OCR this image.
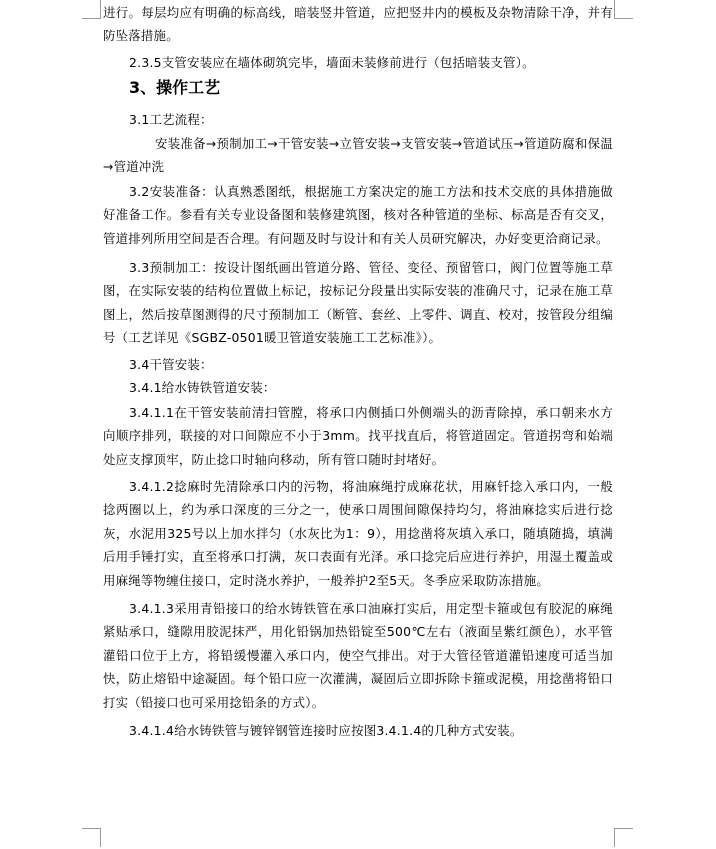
进行。每层均应有明确的标高线，暗装竖井管道，应把竖井内的模板及杂物清除干净，并有防坠落措施。

2.3.5支管安装应在墙体砌筑完毕，墙面未装修前进行（包括暗装支管）。

3、操作工艺

3.1工艺流程：

安装准备→预制加工→干管安装→立管安装→支管安装→管道试压→管道防腐和保温→管道冲洗

3.2安装准备：认真熟悉图纸，根据施工方案决定的施工方法和技术交底的具体措施做好准备工作。参看有关专业设备图和装修建筑图，核对各种管道的坐标、标高是否有交叉，管道排列所用空间是否合理。有问题及时与设计和有关人员研究解决，办好变更洽商记录。

3.3预制加工：按设计图纸画出管道分路、管径、变径、预留管口，阀门位置等施工草图，在实际安装的结构位置做上标记，按标记分段量出实际安装的准确尺寸，记录在施工草图上，然后按草图测得的尺寸预制加工（断管、套丝、上零件、调直、校对，按管段分组编号（工艺详见《SGBZ-0501暖卫管道安装施工工艺标准》）。

3.4干管安装：

3.4.1给水铸铁管道安装：

3.4.1.1在干管安装前清扫管膛，将承口内侧插口外侧端头的沥青除掉，承口朝来水方向顺序排列，联接的对口间隙应不小于3mm。找平找直后，将管道固定。管道拐弯和始端处应支撑顶牢，防止捻口时轴向移动，所有管口随时封堵好。

3.4.1.2捻麻时先清除承口内的污物，将油麻绳拧成麻花状，用麻钎捻入承口内，一般捻两圈以上，约为承口深度的三分之一，使承口周围间隙保持均匀，将油麻捻实后进行捻灰，水泥用325号以上加水拌匀（水灰比为1：9），用捻凿将灰填入承口，随填随捣，填满后用手锤打实，直至将承口打满，灰口表面有光泽。承口捻完后应进行养护，用湿土覆盖或用麻绳等物缠住接口，定时浇水养护，一般养护2至5天。冬季应采取防冻措施。

3.4.1.3采用青铅接口的给水铸铁管在承口油麻打实后，用定型卡箍或包有胶泥的麻绳紧贴承口，缝隙用胶泥抹严，用化铅锅加热铅锭至500℃左右（液面呈紫红颜色），水平管灌铅口位于上方，将铅缓慢灌入承口内，使空气排出。对于大管径管道灌铅速度可适当加快，防止熔铅中途凝固。每个铅口应一次灌满，凝固后立即拆除卡箍或泥模，用捻凿将铅口打实（铅接口也可采用捻铅条的方式）。

3.4.1.4给水铸铁管与镀锌钢管连接时应按图3.4.1.4的几种方式安装。
